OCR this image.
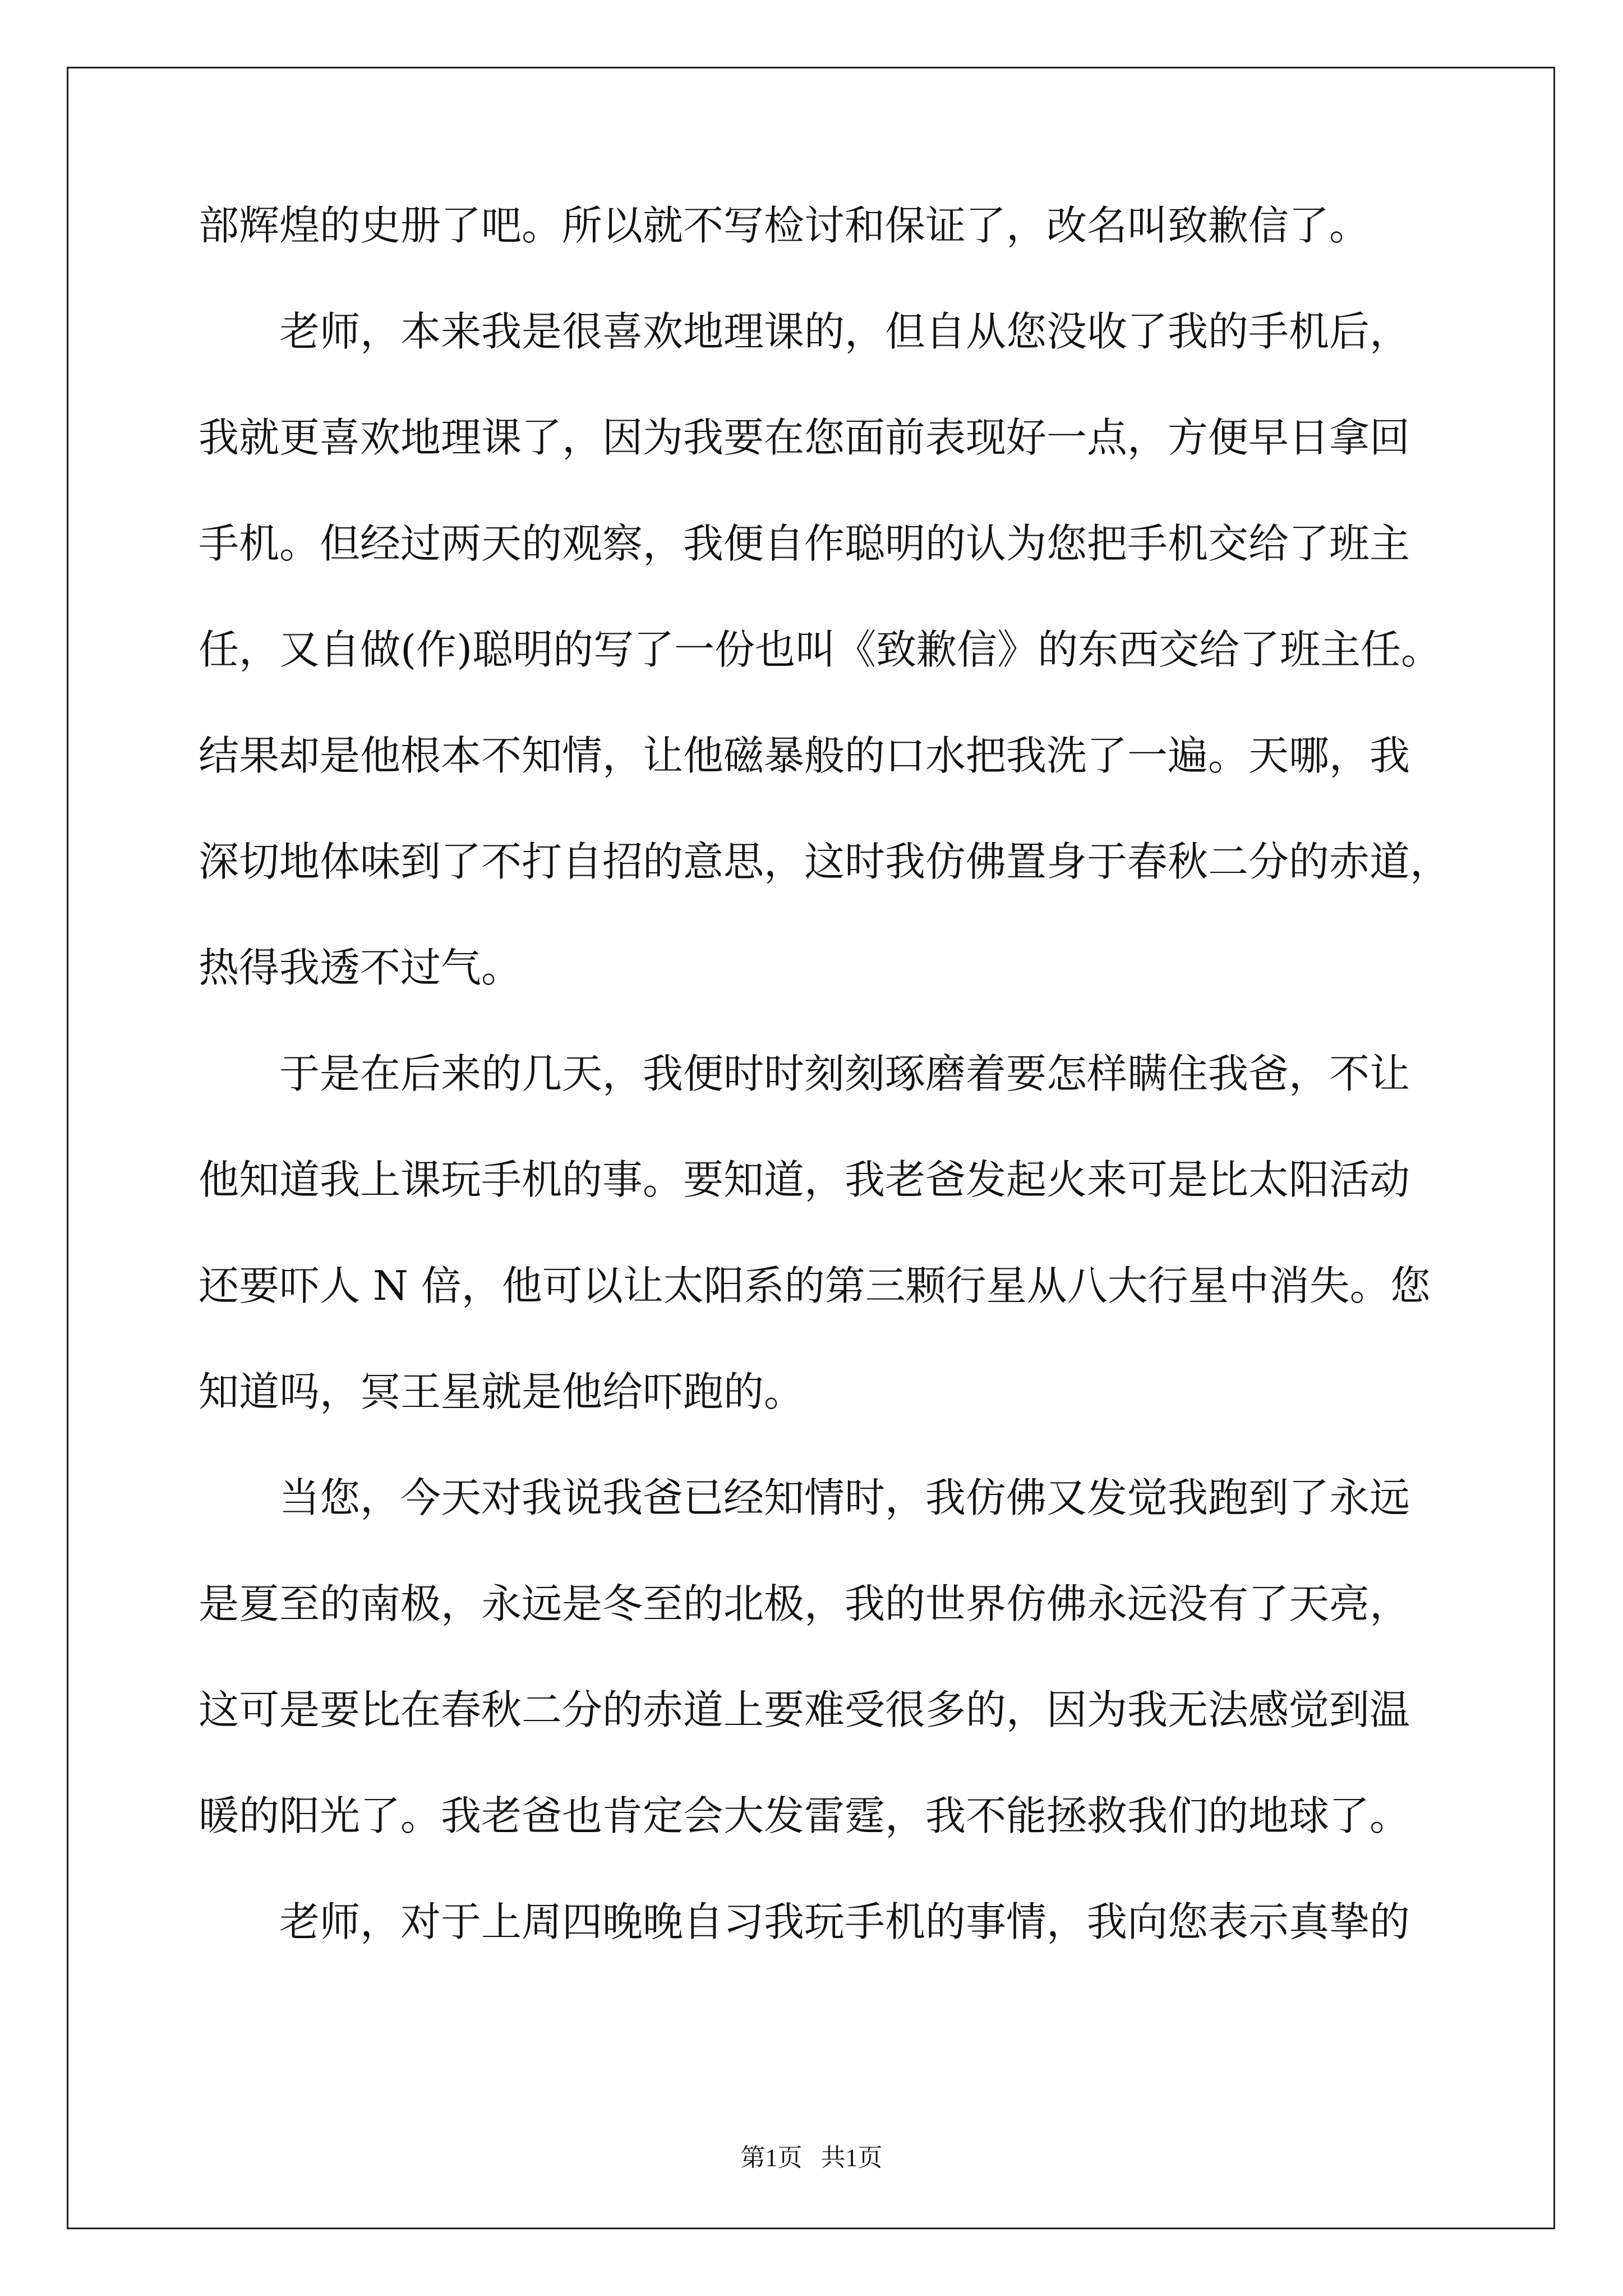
部辉煌的史册了吧。所以就不写检讨和保证了，改名叫致歉信了。

　　老师，本来我是很喜欢地理课的，但自从您没收了我的手机后，

我就更喜欢地理课了，因为我要在您面前表现好一点，方便早日拿回

手机。但经过两天的观察，我便自作聪明的认为您把手机交给了班主

任，又自做(作)聪明的写了一份也叫《致歉信》的东西交给了班主任。

结果却是他根本不知情，让他磁暴般的口水把我洗了一遍。天哪，我

深切地体味到了不打自招的意思，这时我仿佛置身于春秋二分的赤道，

热得我透不过气。

　　于是在后来的几天，我便时时刻刻琢磨着要怎样瞒住我爸，不让

他知道我上课玩手机的事。要知道，我老爸发起火来可是比太阳活动

还要吓人 N 倍，他可以让太阳系的第三颗行星从八大行星中消失。您

知道吗，冥王星就是他给吓跑的。

　　当您，今天对我说我爸已经知情时，我仿佛又发觉我跑到了永远

是夏至的南极，永远是冬至的北极，我的世界仿佛永远没有了天亮，

这可是要比在春秋二分的赤道上要难受很多的，因为我无法感觉到温

暖的阳光了。我老爸也肯定会大发雷霆，我不能拯救我们的地球了。

　　老师，对于上周四晚晚自习我玩手机的事情，我向您表示真挚的

第1页 共1页
